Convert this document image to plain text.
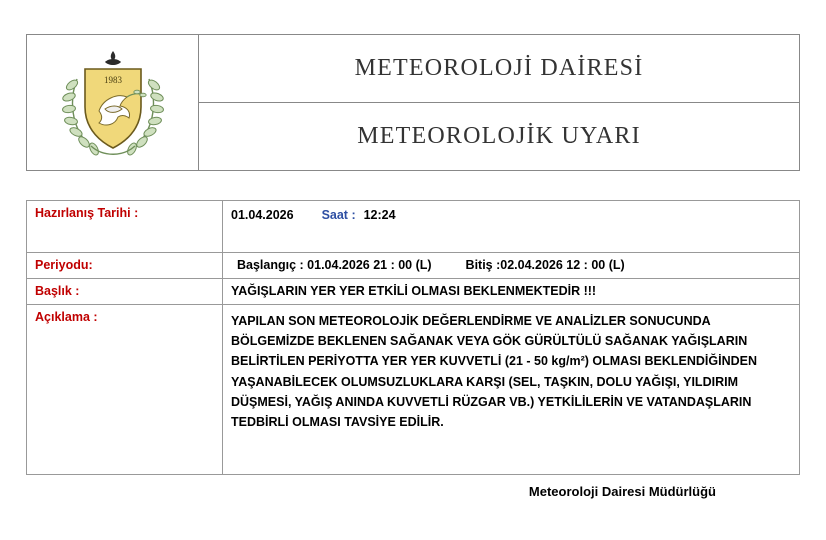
1983	METEOROLOJİ DAİRESİ
METEOROLOJİK UYARI
Hazırlanış Tarihi :	01.04.2026 Saat : 12:24
Periyodu:	Başlangıç : 01.04.2026 21 : 00 (L)	Bitiş :02.04.2026 12 : 00 (L)
Başlık :	YAĞIŞLARIN YER YER ETKİLİ OLMASI BEKLENMEKTEDİR !!!
Açıklama :	YAPILAN SON METEOROLOJİK DEĞERLENDİRME VE ANALİZLER SONUCUNDA BÖLGEMİZDE BEKLENEN SAĞANAK VEYA GÖK GÜRÜLTÜLÜ SAĞANAK YAĞIŞLARIN BELİRTİLEN PERİYOTTA YER YER KUVVETLİ (21 - 50 kg/m²) OLMASI BEKLENDİĞİNDEN YAŞANABİLECEK OLUMSUZLUKLARA KARŞI (SEL, TAŞKIN, DOLU YAĞIŞI, YILDIRIM DÜŞMESİ, YAĞIŞ ANINDA KUVVETLİ RÜZGAR VB.) YETKİLİLERİN VE VATANDAŞLARIN TEDBİRLİ OLMASI TAVSİYE EDİLİR.
Meteoroloji Dairesi Müdürlüğü
